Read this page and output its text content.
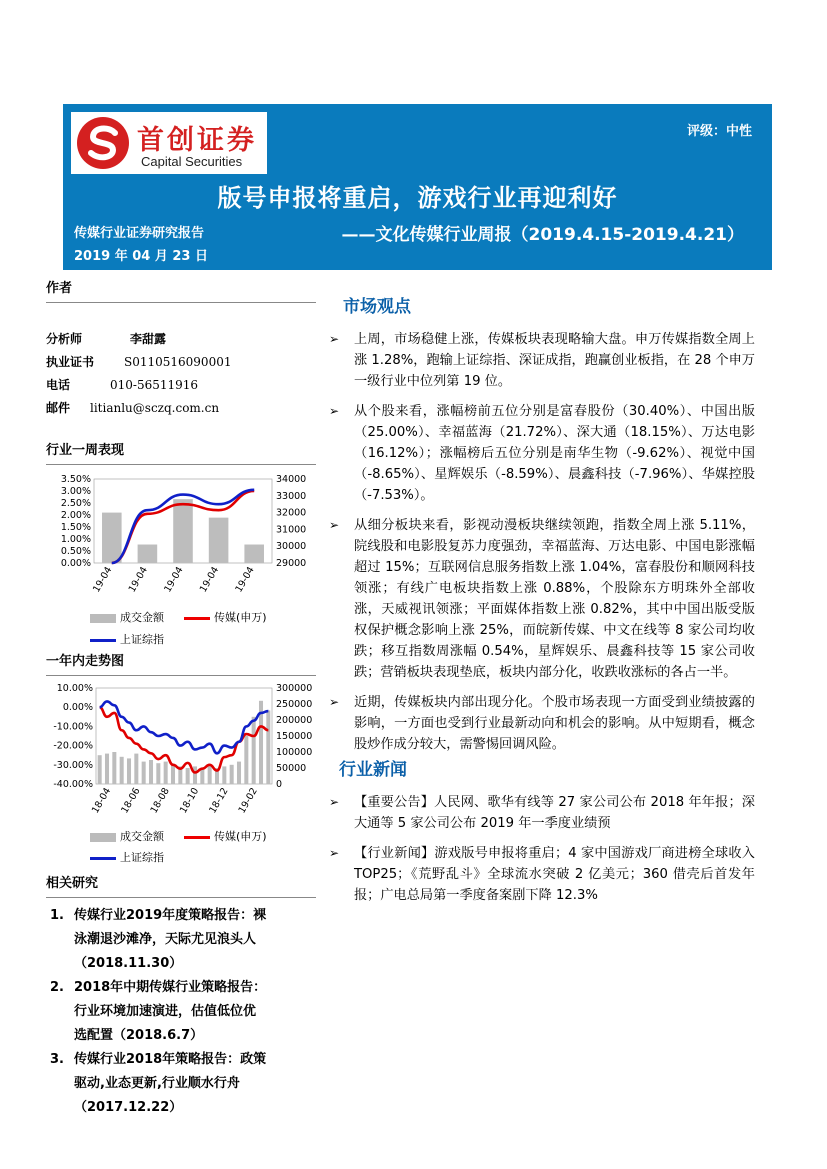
首创证券
Capital Securities
评级：中性
版号申报将重启，游戏行业再迎利好
传媒行业证券研究报告	——文化传媒行业周报（2019.4.15-2019.4.21）
2019 年 04 月 23 日
作者
分析师	李甜露
执业证书 S0110516090001
电话	010-56511916
邮件 litianlu@sczq.com.cn
行业一周表现
3.50%
3.00%
2.50%
2.00%
1.50%
1.00%
0.50%
0.00%
34000
33000
32000
31000
30000
29000
19-04 19-04 19-04 19-04 19-04
成交金额	传媒(申万)
上证综指
一年内走势图
10.00%
0.00%
-10.00%
-20.00%
-30.00%
-40.00%
300000
250000
200000
150000
100000
50000
0
18-04 18-06 18-08 18-10 18-12 19-02
成交金额	传媒(申万)
上证综指
相关研究
1. 传媒行业2019年度策略报告：裸
泳潮退沙滩净，天际尤见浪头人
（2018.11.30）
2. 2018年中期传媒行业策略报告：
行业环境加速演进，估值低位优
选配置（2018.6.7）
3. 传媒行业2018年策略报告：政策
驱动,业态更新,行业顺水行舟
（2017.12.22）
市场观点
➢ 上周，市场稳健上涨，传媒板块表现略输大盘。申万传媒指数全周上涨 1.28%，跑输上证综指、深证成指，跑赢创业板指，在 28 个申万一级行业中位列第 19 位。
➢ 从个股来看，涨幅榜前五位分别是富春股份（30.40%）、中国出版（25.00%）、幸福蓝海（21.72%）、深大通（18.15%）、万达电影（16.12%）；涨幅榜后五位分别是南华生物（-9.62%）、视觉中国（-8.65%）、星辉娱乐（-8.59%）、晨鑫科技（-7.96%）、华媒控股（-7.53%）。
➢ 从细分板块来看，影视动漫板块继续领跑，指数全周上涨 5.11%，院线股和电影股复苏力度强劲，幸福蓝海、万达电影、中国电影涨幅超过 15%；互联网信息服务指数上涨 1.04%，富春股份和顺网科技领涨；有线广电板块指数上涨 0.88%，个股除东方明珠外全部收涨，天威视讯领涨；平面媒体指数上涨 0.82%，其中中国出版受版权保护概念影响上涨 25%，而皖新传媒、中文在线等 8 家公司均收跌；移互指数周涨幅 0.54%，星辉娱乐、晨鑫科技等 15 家公司收跌；营销板块表现垫底，板块内部分化，收跌收涨标的各占一半。
➢ 近期，传媒板块内部出现分化。个股市场表现一方面受到业绩披露的影响，一方面也受到行业最新动向和机会的影响。从中短期看，概念股炒作成分较大，需警惕回调风险。
行业新闻
➢ 【重要公告】人民网、歌华有线等 27 家公司公布 2018 年年报；深大通等 5 家公司公布 2019 年一季度业绩预
➢ 【行业新闻】游戏版号申报将重启；4 家中国游戏厂商进榜全球收入 TOP25；《荒野乱斗》全球流水突破 2 亿美元；360 借壳后首发年报；广电总局第一季度备案剧下降 12.3%
